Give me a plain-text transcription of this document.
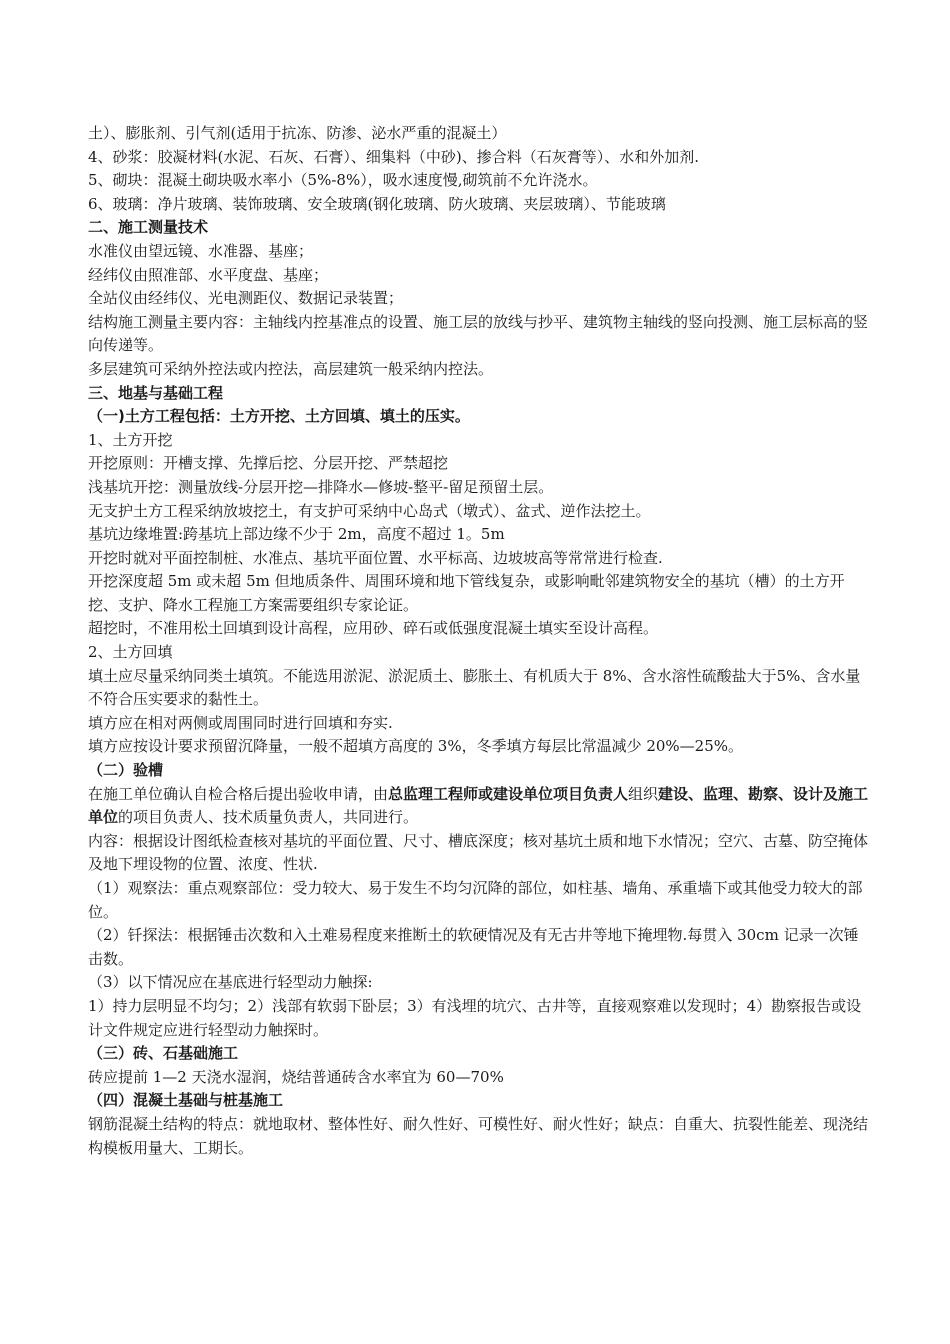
土）、膨胀剂、引气剂(适用于抗冻、防渗、泌水严重的混凝土）
4、砂浆：胶凝材料(水泥、石灰、石膏）、细集料（中砂)、掺合料（石灰膏等）、水和外加剂.
5、砌块：混凝土砌块吸水率小（5%-8%），吸水速度慢,砌筑前不允许浇水。
6、玻璃：净片玻璃、装饰玻璃、安全玻璃(钢化玻璃、防火玻璃、夹层玻璃）、节能玻璃
二、施工测量技术
水准仪由望远镜、水准器、基座；
经纬仪由照准部、水平度盘、基座；
全站仪由经纬仪、光电测距仪、数据记录装置；
结构施工测量主要内容：主轴线内控基准点的设置、施工层的放线与抄平、建筑物主轴线的竖向投测、施工层标高的竖向传递等。
多层建筑可采纳外控法或内控法，高层建筑一般采纳内控法。
三、地基与基础工程
（一)土方工程包括：土方开挖、土方回填、填土的压实。
1、土方开挖
开挖原则：开槽支撑、先撑后挖、分层开挖、严禁超挖
浅基坑开挖：测量放线-分层开挖—排降水—修坡-整平-留足预留土层。
无支护土方工程采纳放坡挖土，有支护可采纳中心岛式（墩式）、盆式、逆作法挖土。
基坑边缘堆置:跨基坑上部边缘不少于 2m，高度不超过 1。5m
开挖时就对平面控制桩、水准点、基坑平面位置、水平标高、边坡坡高等常常进行检查.
开挖深度超 5m 或未超 5m 但地质条件、周围环境和地下管线复杂，或影响毗邻建筑物安全的基坑（槽）的土方开挖、支护、降水工程施工方案需要组织专家论证。
超挖时，不准用松土回填到设计高程，应用砂、碎石或低强度混凝土填实至设计高程。
2、土方回填
填土应尽量采纳同类土填筑。不能选用淤泥、淤泥质土、膨胀土、有机质大于 8%、含水溶性硫酸盐大于5%、含水量不符合压实要求的黏性土。
填方应在相对两侧或周围同时进行回填和夯实.
填方应按设计要求预留沉降量，一般不超填方高度的 3%，冬季填方每层比常温减少 20%—25%。
（二）验槽
在施工单位确认自检合格后提出验收申请，由总监理工程师或建设单位项目负责人组织建设、监理、勘察、设计及施工单位的项目负责人、技术质量负责人，共同进行。
内容：根据设计图纸检查核对基坑的平面位置、尺寸、槽底深度；核对基坑土质和地下水情况；空穴、古墓、防空掩体及地下埋设物的位置、浓度、性状.
（1）观察法：重点观察部位：受力较大、易于发生不均匀沉降的部位，如柱基、墙角、承重墙下或其他受力较大的部位。
（2）钎探法：根据锤击次数和入土难易程度来推断土的软硬情况及有无古井等地下掩埋物.每贯入 30cm 记录一次锤击数。
（3）以下情况应在基底进行轻型动力触探:
1）持力层明显不均匀；2）浅部有软弱下卧层；3）有浅埋的坑穴、古井等，直接观察难以发现时；4）勘察报告或设计文件规定应进行轻型动力触探时。
（三）砖、石基础施工
砖应提前 1—2 天浇水湿润，烧结普通砖含水率宜为 60—70%
（四）混凝土基础与桩基施工
钢筋混凝土结构的特点：就地取材、整体性好、耐久性好、可模性好、耐火性好；缺点：自重大、抗裂性能差、现浇结构模板用量大、工期长。
